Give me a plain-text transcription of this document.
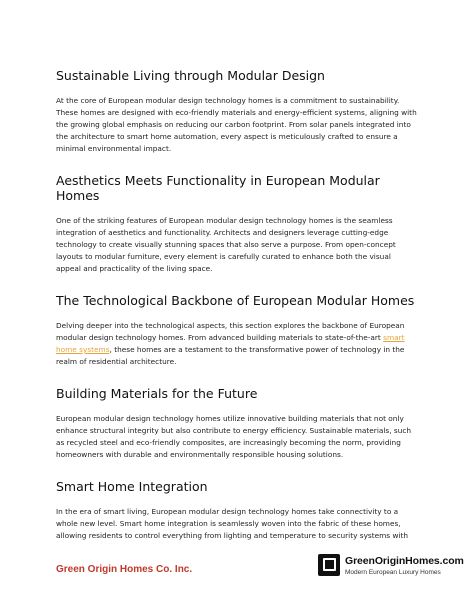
Sustainable Living through Modular Design

At the core of European modular design technology homes is a commitment to sustainability. These homes are designed with eco-friendly materials and energy-efficient systems, aligning with the growing global emphasis on reducing our carbon footprint. From solar panels integrated into the architecture to smart home automation, every aspect is meticulously crafted to ensure a minimal environmental impact.

Aesthetics Meets Functionality in European Modular Homes

One of the striking features of European modular design technology homes is the seamless integration of aesthetics and functionality. Architects and designers leverage cutting-edge technology to create visually stunning spaces that also serve a purpose. From open-concept layouts to modular furniture, every element is carefully curated to enhance both the visual appeal and practicality of the living space.

The Technological Backbone of European Modular Homes

Delving deeper into the technological aspects, this section explores the backbone of European modular design technology homes. From advanced building materials to state-of-the-art smart home systems, these homes are a testament to the transformative power of technology in the realm of residential architecture.

Building Materials for the Future

European modular design technology homes utilize innovative building materials that not only enhance structural integrity but also contribute to energy efficiency. Sustainable materials, such as recycled steel and eco-friendly composites, are increasingly becoming the norm, providing homeowners with durable and environmentally responsible housing solutions.

Smart Home Integration

In the era of smart living, European modular design technology homes take connectivity to a whole new level. Smart home integration is seamlessly woven into the fabric of these homes, allowing residents to control everything from lighting and temperature to security systems with

Green Origin Homes Co. Inc.
GreenOriginHomes.com
Modern European Luxury Homes
